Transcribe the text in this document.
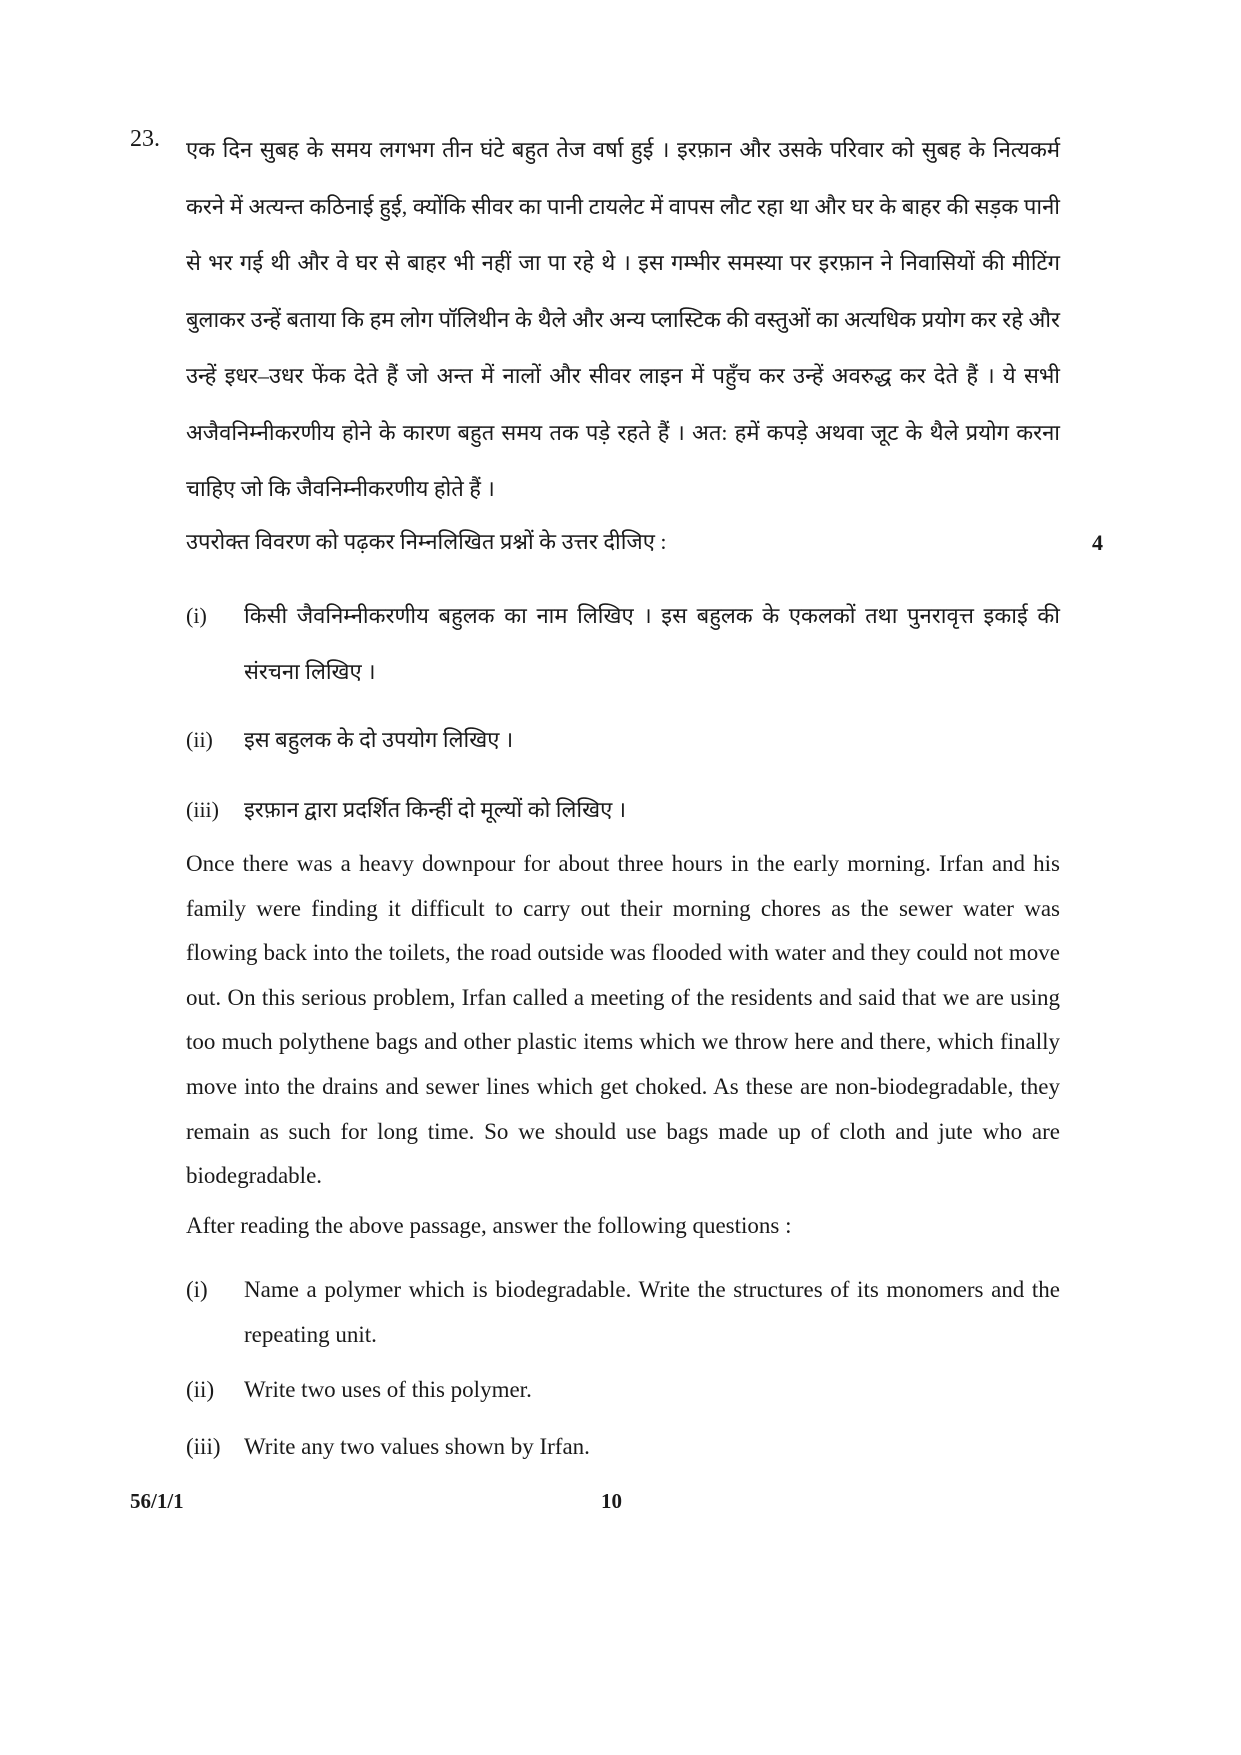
23. एक दिन सुबह के समय लगभग तीन घंटे बहुत तेज वर्षा हुई । इरफ़ान और उसके परिवार को सुबह के नित्यकर्म करने में अत्यन्त कठिनाई हुई, क्योंकि सीवर का पानी टायलेट में वापस लौट रहा था और घर के बाहर की सड़क पानी से भर गई थी और वे घर से बाहर भी नहीं जा पा रहे थे । इस गम्भीर समस्या पर इरफ़ान ने निवासियों की मीटिंग बुलाकर उन्हें बताया कि हम लोग पॉलिथीन के थैले और अन्य प्लास्टिक की वस्तुओं का अत्यधिक प्रयोग कर रहे और उन्हें इधर–उधर फेंक देते हैं जो अन्त में नालों और सीवर लाइन में पहुँच कर उन्हें अवरुद्ध कर देते हैं । ये सभी अजैवनिम्नीकरणीय होने के कारण बहुत समय तक पड़े रहते हैं । अत: हमें कपड़े अथवा जूट के थैले प्रयोग करना चाहिए जो कि जैवनिम्नीकरणीय होते हैं ।

उपरोक्त विवरण को पढ़कर निम्नलिखित प्रश्नों के उत्तर दीजिए :	4
(i) किसी जैवनिम्नीकरणीय बहुलक का नाम लिखिए । इस बहुलक के एकलकों तथा पुनरावृत्त इकाई की संरचना लिखिए ।
(ii) इस बहुलक के दो उपयोग लिखिए ।
(iii) इरफ़ान द्वारा प्रदर्शित किन्हीं दो मूल्यों को लिखिए ।

Once there was a heavy downpour for about three hours in the early morning. Irfan and his family were finding it difficult to carry out their morning chores as the sewer water was flowing back into the toilets, the road outside was flooded with water and they could not move out. On this serious problem, Irfan called a meeting of the residents and said that we are using too much polythene bags and other plastic items which we throw here and there, which finally move into the drains and sewer lines which get choked. As these are non-biodegradable, they remain as such for long time. So we should use bags made up of cloth and jute who are biodegradable.

After reading the above passage, answer the following questions :
(i) Name a polymer which is biodegradable. Write the structures of its monomers and the repeating unit.
(ii) Write two uses of this polymer.
(iii) Write any two values shown by Irfan.
56/1/1	10
